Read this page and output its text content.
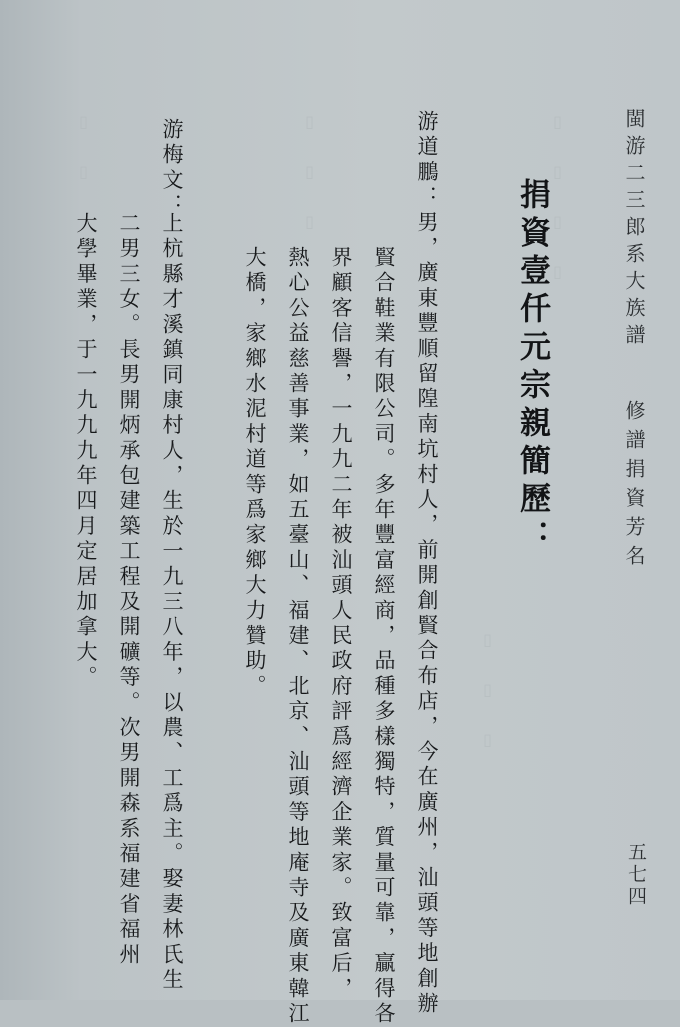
▯ ▯ ▯ ▯
▯ ▯ ▯
▯ ▯
▯ ▯ ▯
閩游二三郎系大族譜
修譜捐資芳名
五七四
捐資壹仟元宗親簡歷：
游道鵬：男，廣東豐順留隍南坑村人，前開創賢合布店，今在廣州，汕頭等地創辦
賢合鞋業有限公司。多年豐富經商，品種多樣獨特，質量可靠，贏得各
界顧客信譽，一九九二年被汕頭人民政府評爲經濟企業家。致富后，
熱心公益慈善事業，如五臺山、福建、北京、汕頭等地庵寺及廣東韓江
大橋，家鄉水泥村道等爲家鄉大力贊助。
游梅文：
上杭縣才溪鎮同康村人，生於一九三八年，以農、工爲主。娶妻林氏生
二男三女。長男開炳承包建築工程及開礦等。次男開森系福建省福州
大學畢業，于一九九九年四月定居加拿大。
